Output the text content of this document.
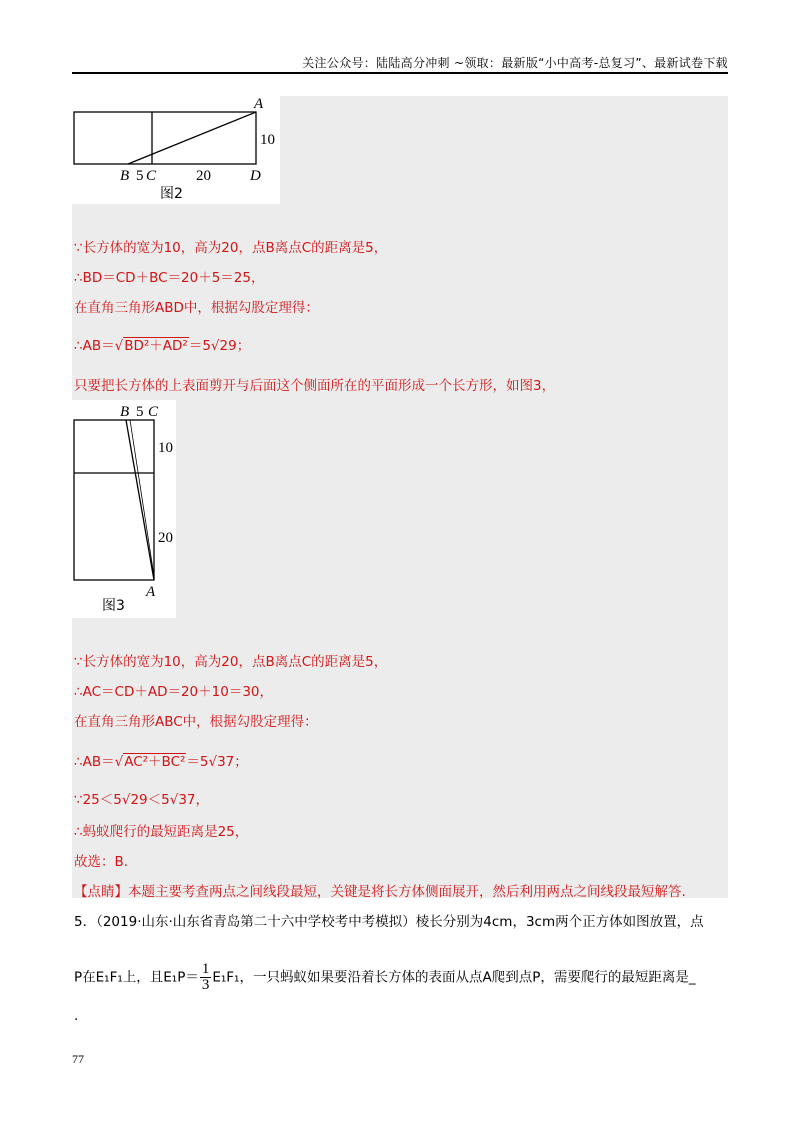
关注公众号：陆陆高分冲刺 ~领取：最新版“小中高考-总复习”、最新试卷下载
A
10
B 5 C	20	D
图2
∵长方体的宽为10，高为20，点B离点C的距离是5，
∴BD＝CD＋BC＝20＋5＝25，
在直角三角形ABD中，根据勾股定理得：
∴AB＝√BD²＋AD²＝5√29；
只要把长方体的上表面剪开与后面这个侧面所在的平面形成一个长方形，如图3，
B 5 C
10
20
A
图3
∵长方体的宽为10，高为20，点B离点C的距离是5，
∴AC＝CD＋AD＝20＋10＝30，
在直角三角形ABC中，根据勾股定理得：
∴AB＝√AC²＋BC²＝5√37；
∵25＜5√29＜5√37，
∴蚂蚁爬行的最短距离是25，
故选：B.
【点睛】本题主要考查两点之间线段最短，关键是将长方体侧面展开，然后利用两点之间线段最短解答.
5．（2019·山东·山东省青岛第二十六中学校考中考模拟）棱长分别为4cm，3cm两个正方体如图放置，点
P在E₁F₁上，且$E_1P= \frac{1}{3} E_1F_1$，一只蚂蚁如果要沿着长方体的表面从点A爬到点P，需要爬行的最短距离是_
.
77
